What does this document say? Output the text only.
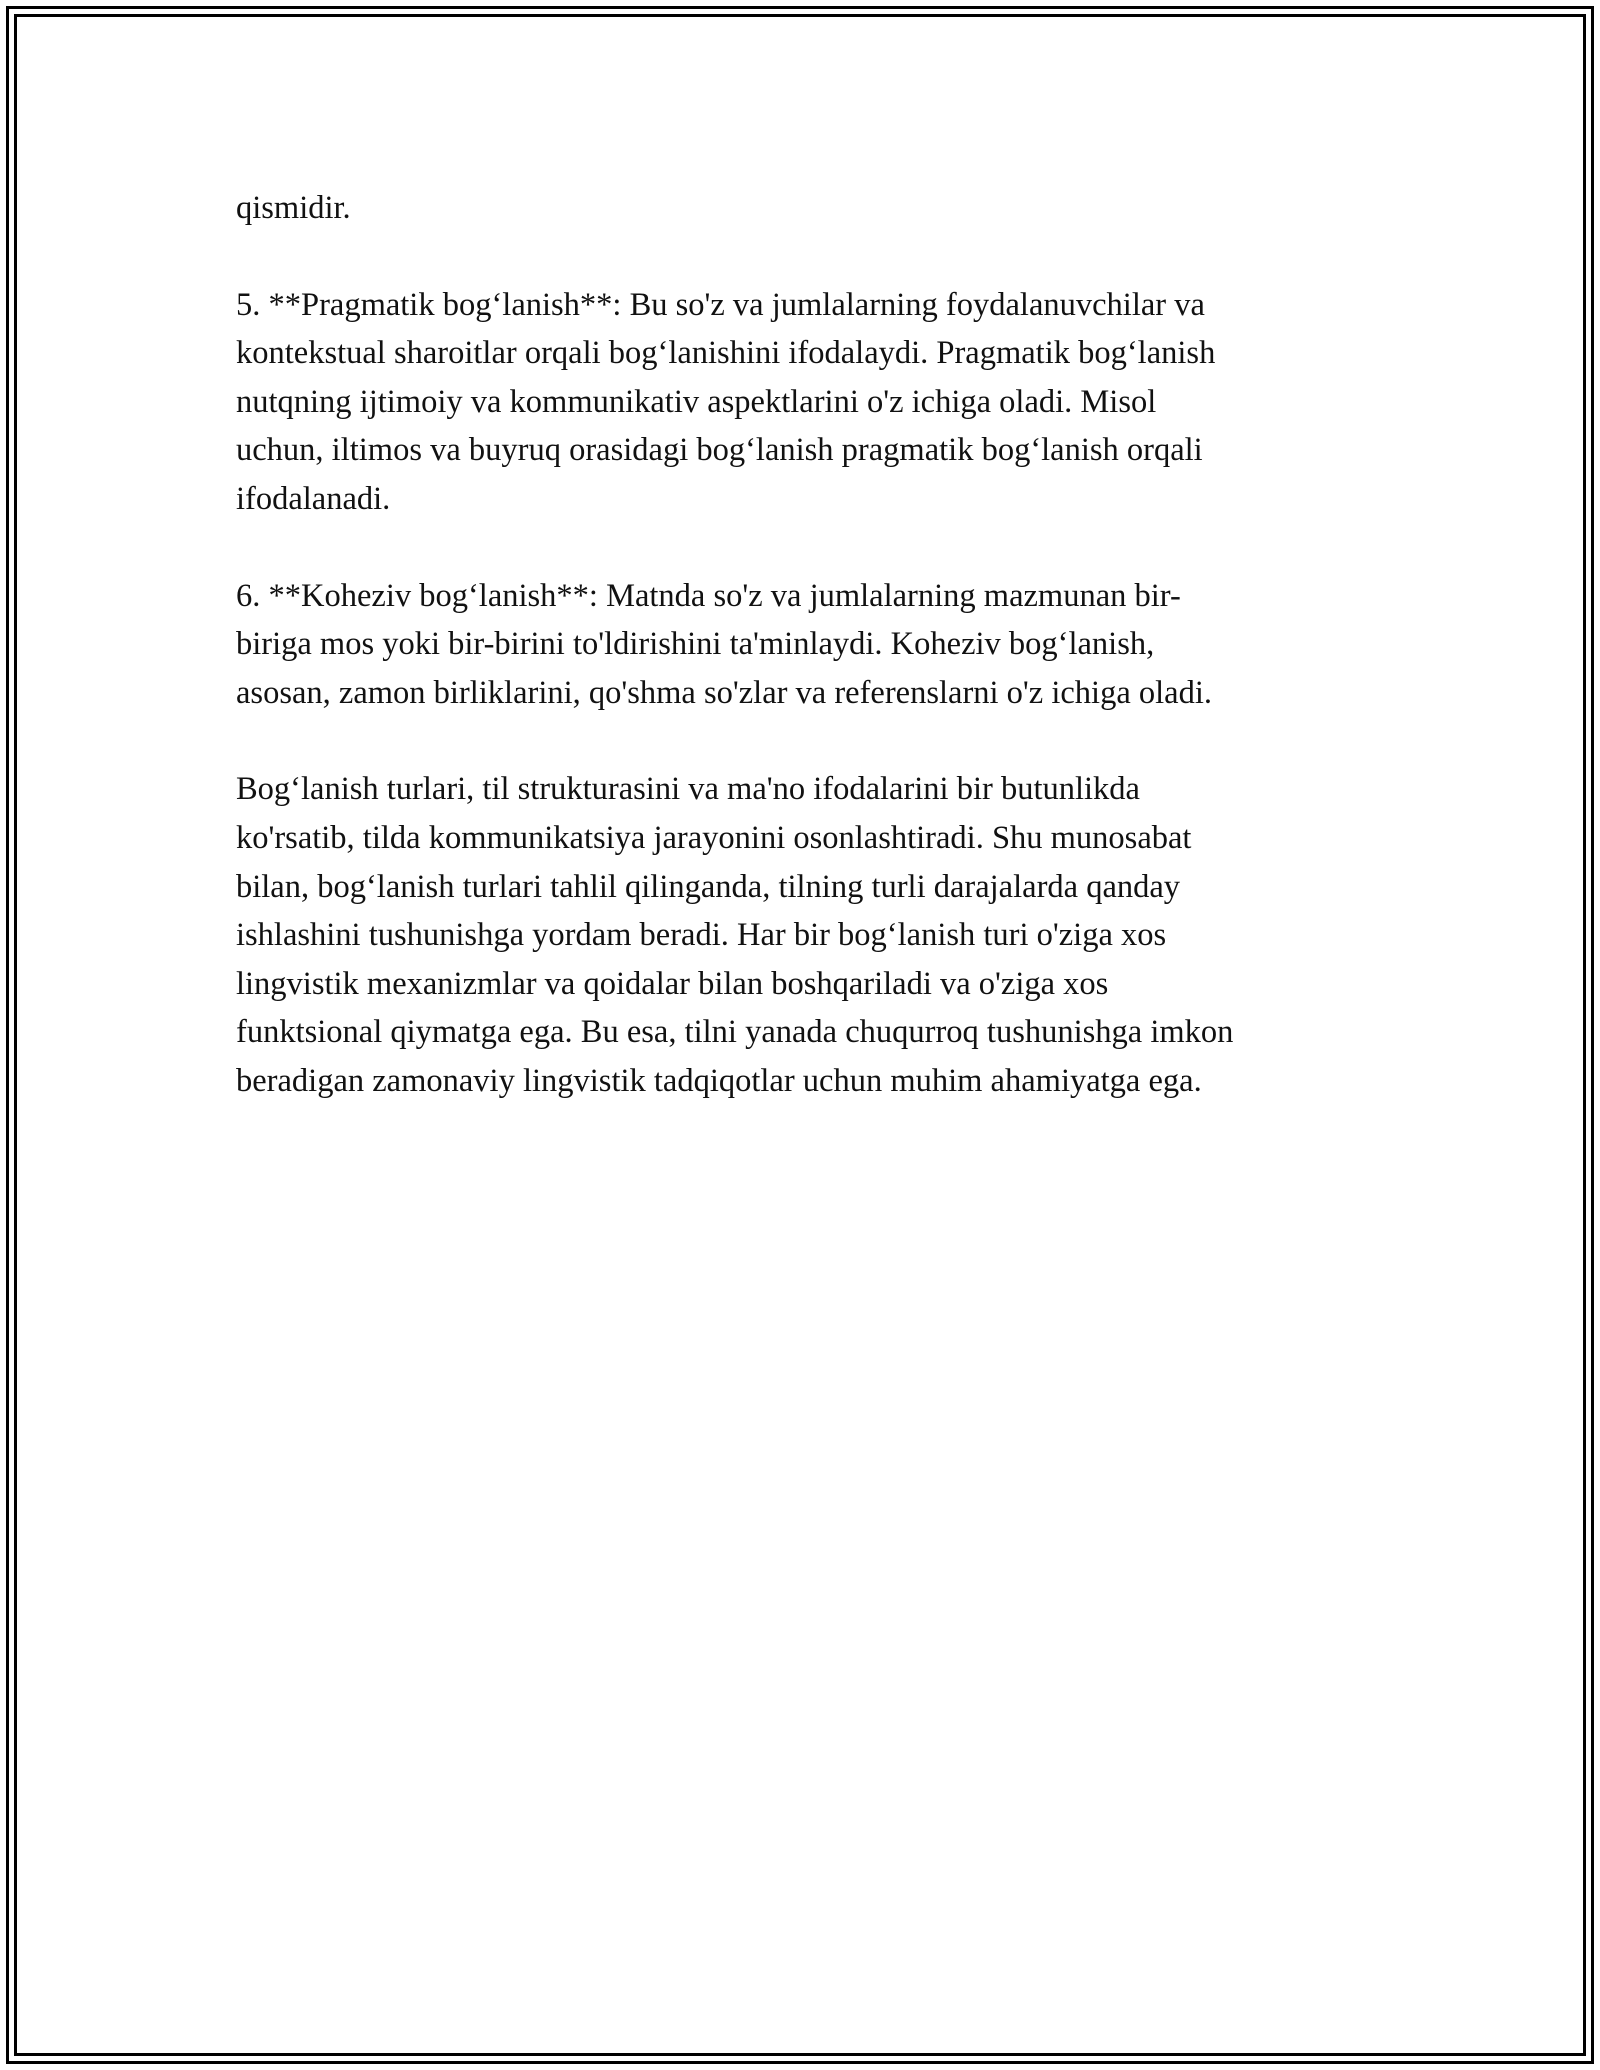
qismidir.

5. **Pragmatik bog‘lanish**: Bu so'z va jumlalarning foydalanuvchilar va
kontekstual sharoitlar orqali bog‘lanishini ifodalaydi. Pragmatik bog‘lanish
nutqning ijtimoiy va kommunikativ aspektlarini o'z ichiga oladi. Misol
uchun, iltimos va buyruq orasidagi bog‘lanish pragmatik bog‘lanish orqali
ifodalanadi.

6. **Koheziv bog‘lanish**: Matnda so'z va jumlalarning mazmunan bir-
biriga mos yoki bir-birini to'ldirishini ta'minlaydi. Koheziv bog‘lanish,
asosan, zamon birliklarini, qo'shma so'zlar va referenslarni o'z ichiga oladi.

Bog‘lanish turlari, til strukturasini va ma'no ifodalarini bir butunlikda
ko'rsatib, tilda kommunikatsiya jarayonini osonlashtiradi. Shu munosabat
bilan, bog‘lanish turlari tahlil qilinganda, tilning turli darajalarda qanday
ishlashini tushunishga yordam beradi. Har bir bog‘lanish turi o'ziga xos
lingvistik mexanizmlar va qoidalar bilan boshqariladi va o'ziga xos
funktsional qiymatga ega. Bu esa, tilni yanada chuqurroq tushunishga imkon
beradigan zamonaviy lingvistik tadqiqotlar uchun muhim ahamiyatga ega.
